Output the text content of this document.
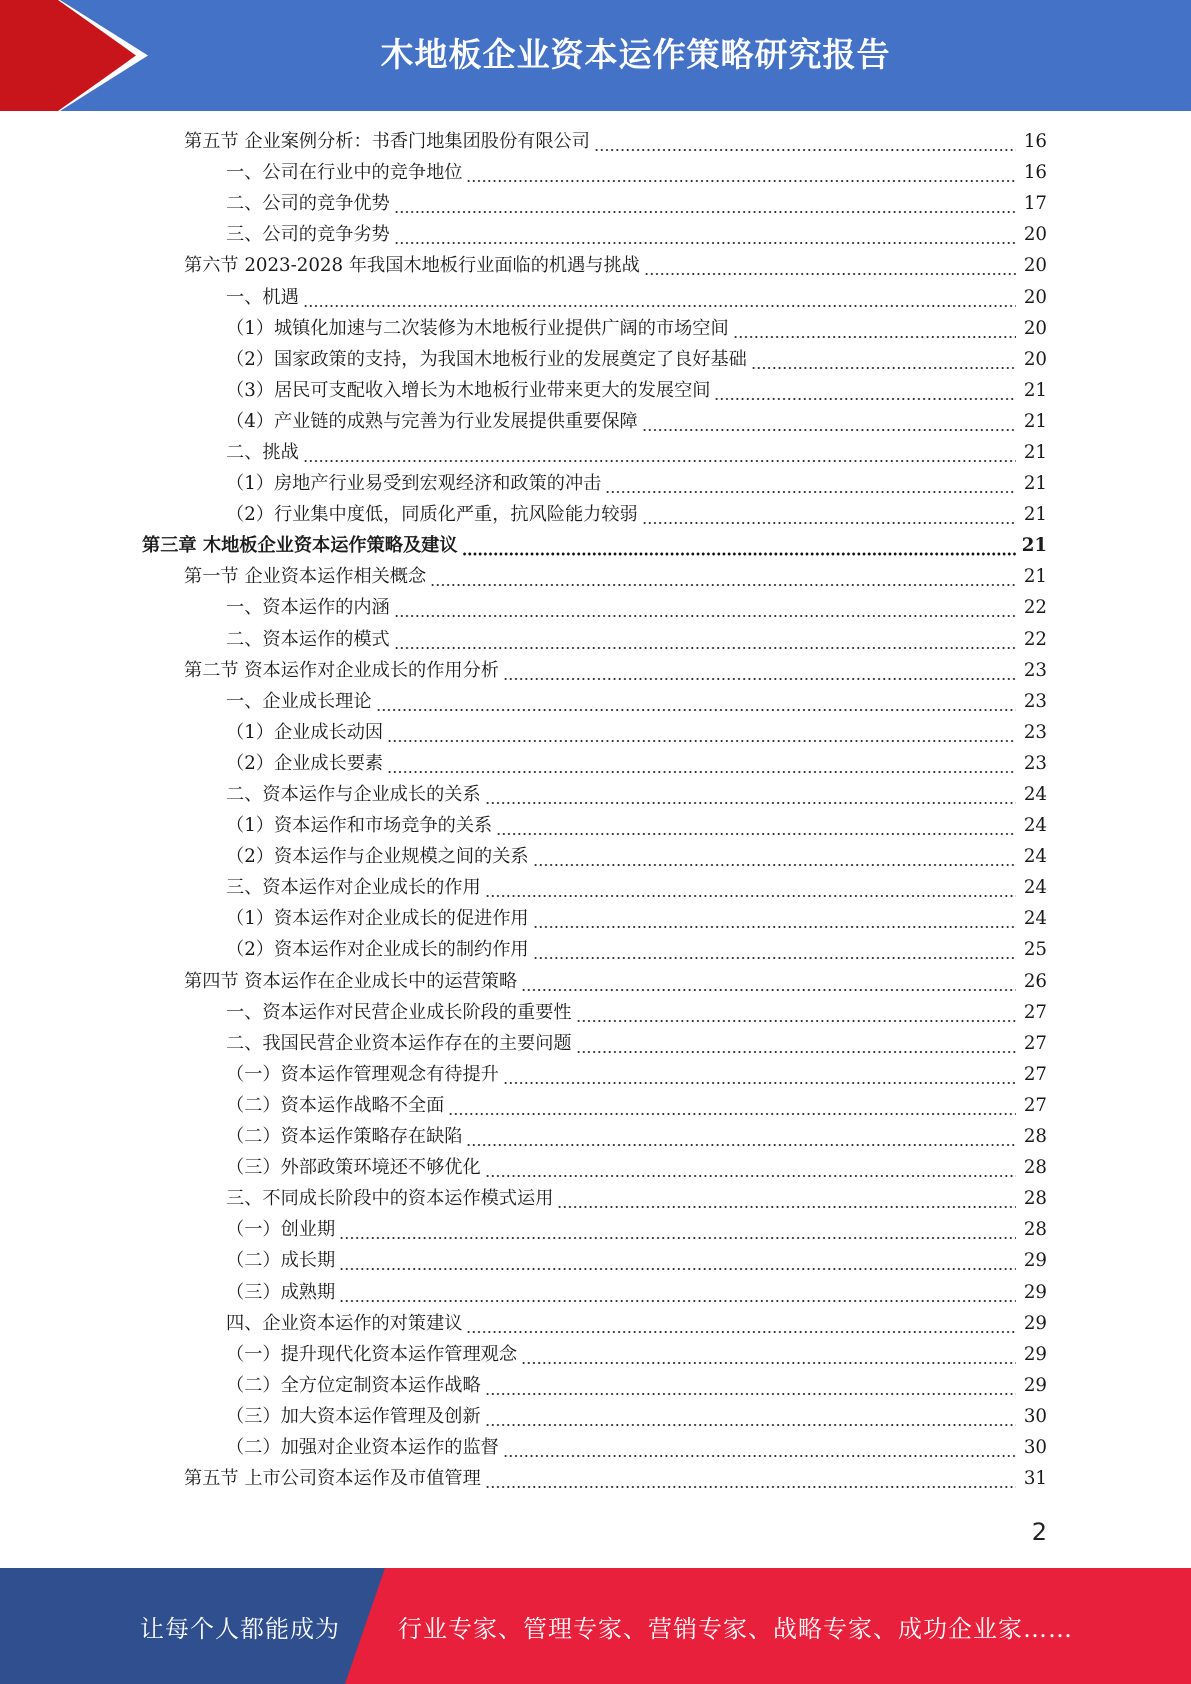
木地板企业资本运作策略研究报告
第五节 企业案例分析：书香门地集团股份有限公司	16
一、公司在行业中的竞争地位	16
二、公司的竞争优势	17
三、公司的竞争劣势	20
第六节 2023-2028 年我国木地板行业面临的机遇与挑战	20
一、机遇	20
（1）城镇化加速与二次装修为木地板行业提供广阔的市场空间	20
（2）国家政策的支持，为我国木地板行业的发展奠定了良好基础	20
（3）居民可支配收入增长为木地板行业带来更大的发展空间	21
（4）产业链的成熟与完善为行业发展提供重要保障	21
二、挑战	21
（1）房地产行业易受到宏观经济和政策的冲击	21
（2）行业集中度低，同质化严重，抗风险能力较弱	21
第三章 木地板企业资本运作策略及建议	21
第一节 企业资本运作相关概念	21
一、资本运作的内涵	22
二、资本运作的模式	22
第二节 资本运作对企业成长的作用分析	23
一、企业成长理论	23
（1）企业成长动因	23
（2）企业成长要素	23
二、资本运作与企业成长的关系	24
（1）资本运作和市场竞争的关系	24
（2）资本运作与企业规模之间的关系	24
三、资本运作对企业成长的作用	24
（1）资本运作对企业成长的促进作用	24
（2）资本运作对企业成长的制约作用	25
第四节 资本运作在企业成长中的运营策略	26
一、资本运作对民营企业成长阶段的重要性	27
二、我国民营企业资本运作存在的主要问题	27
（一）资本运作管理观念有待提升	27
（二）资本运作战略不全面	27
（二）资本运作策略存在缺陷	28
（三）外部政策环境还不够优化	28
三、不同成长阶段中的资本运作模式运用	28
（一）创业期	28
（二）成长期	29
（三）成熟期	29
四、企业资本运作的对策建议	29
（一）提升现代化资本运作管理观念	29
（二）全方位定制资本运作战略	29
（三）加大资本运作管理及创新	30
（二）加强对企业资本运作的监督	30
第五节 上市公司资本运作及市值管理	31
2
让每个人都能成为 行业专家、管理专家、营销专家、战略专家、成功企业家……
